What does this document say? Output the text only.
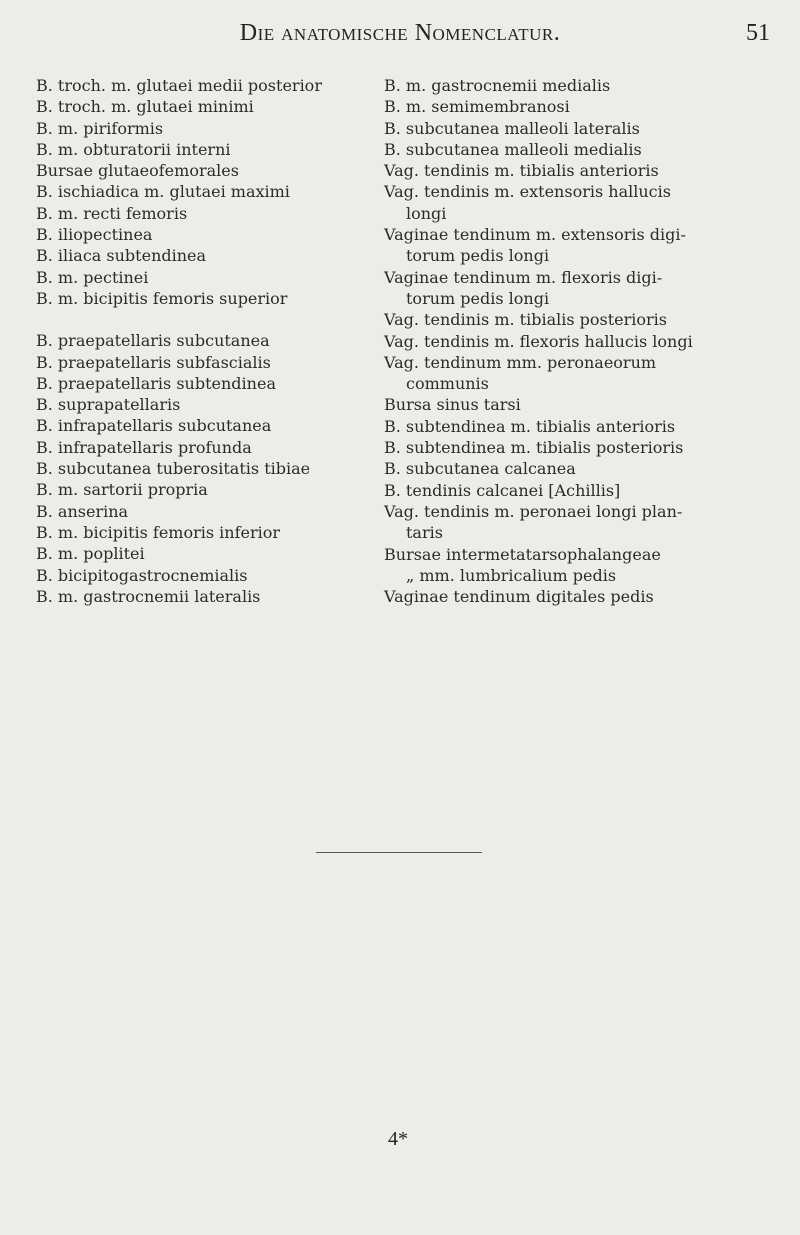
Die anatomische Nomenclatur.	51
B. troch. m. glutaei medii posterior
B. troch. m. glutaei minimi
B. m. piriformis
B. m. obturatorii interni
Bursae glutaeofemorales
B. ischiadica m. glutaei maximi
B. m. recti femoris
B. iliopectinea
B. iliaca subtendinea
B. m. pectinei
B. m. bicipitis femoris superior
B. praepatellaris subcutanea
B. praepatellaris subfascialis
B. praepatellaris subtendinea
B. suprapatellaris
B. infrapatellaris subcutanea
B. infrapatellaris profunda
B. subcutanea tuberositatis tibiae
B. m. sartorii propria
B. anserina
B. m. bicipitis femoris inferior
B. m. poplitei
B. bicipitogastrocnemialis
B. m. gastrocnemii lateralis
B. m. gastrocnemii medialis
B. m. semimembranosi
B. subcutanea malleoli lateralis
B. subcutanea malleoli medialis
Vag. tendinis m. tibialis anterioris
Vag. tendinis m. extensoris hallucis
longi
Vaginae tendinum m. extensoris digi-
torum pedis longi
Vaginae tendinum m. flexoris digi-
torum pedis longi
Vag. tendinis m. tibialis posterioris
Vag. tendinis m. flexoris hallucis longi
Vag. tendinum mm. peronaeorum
communis
Bursa sinus tarsi
B. subtendinea m. tibialis anterioris
B. subtendinea m. tibialis posterioris
B. subcutanea calcanea
B. tendinis calcanei [Achillis]
Vag. tendinis m. peronaei longi plan-
taris
Bursae intermetatarsophalangeae
„ mm. lumbricalium pedis
Vaginae tendinum digitales pedis
4*
